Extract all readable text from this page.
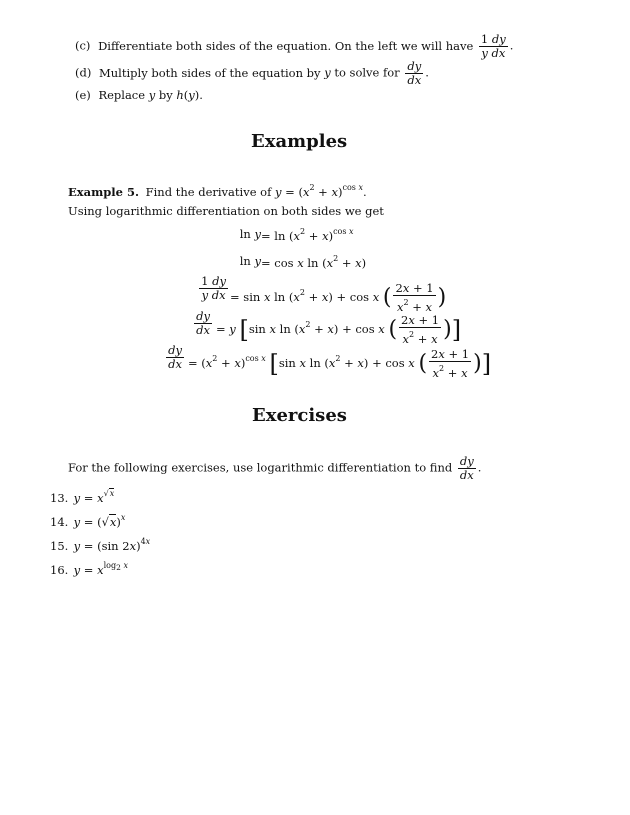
(c) Differentiate both sides of the equation. On the left we will have $\frac{1 dy}{\text{y dx}}$ .
(d) Multiply both sides of the equation by y to solve for $\frac{dy}{dx}$ .
(e) Replace y by h(y).
Examples
Example 5. Find the derivative of $y = (x^2 + x)^{cos x}$.
Using logarithmic differentiation on both sides we get
$\ln y = \ln (x^2 + x)^{cos x}$
ln y = cos x $\ln (x^2 + x)$
$\frac{1 dy}{\text{y dx}} = \sin x$ $\ln (x^2 + x) + \cos x$ ( $\frac{2x + 1}{x^2 + x}$ )
$\frac{dy}{dx} = y$ [sin x $\ln (x^2 + x) + \cos x$ ( $\frac{2x + 1}{x^2 + x}$ )]
$\frac{dy}{dx} = (x^2 + x)^{cos x}$ [sin x $\ln (x^2 + x) + \cos x$ ( $\frac{2x + 1}{x^2 + x}$ )]
Exercises
For the following exercises, use logarithmic differentiation to find $\frac{dy}{dx}$ .
13. $y = x^{√x}$
14. $y = (√x)^x$
15. y = (sin 2x)$^{4x}$
16. $y = x^{log2 x}$
